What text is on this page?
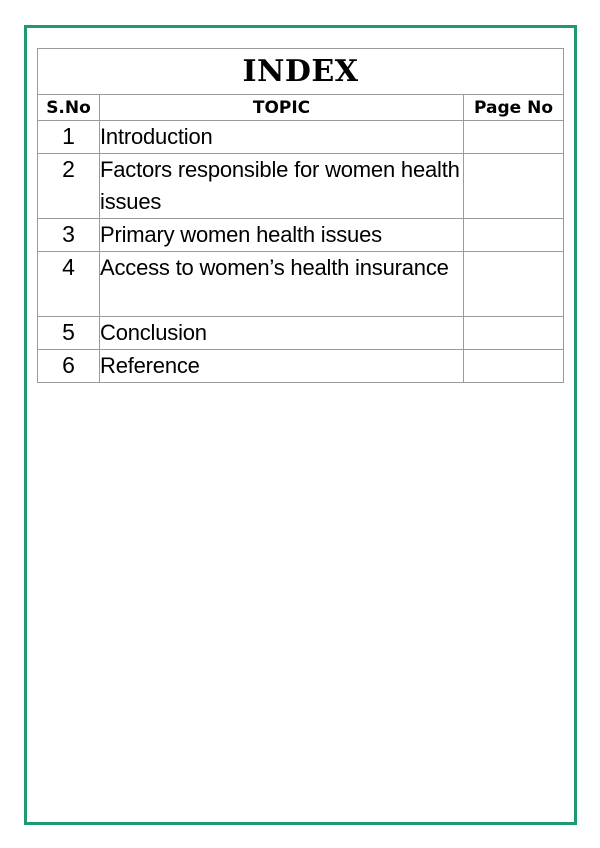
INDEX		
S.No	TOPIC	Page No
1	Introduction	
2	Factors responsible for women health issues	
3	Primary women health issues	
4	Access to women’s health insurance	
5	Conclusion	
6	Reference	
